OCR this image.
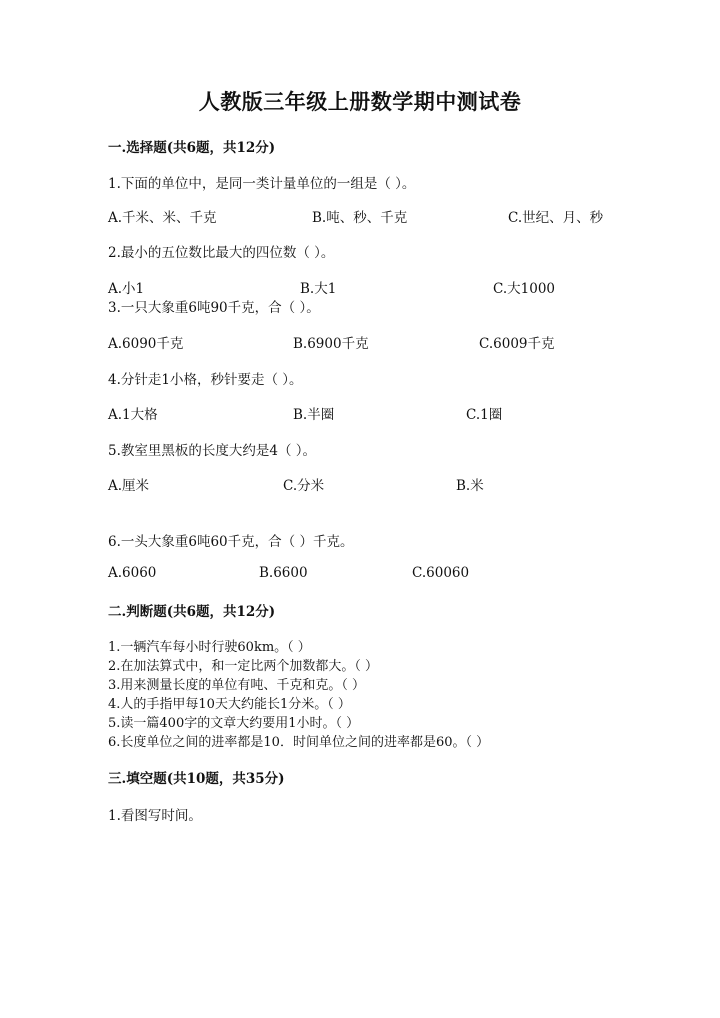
人教版三年级上册数学期中测试卷
一.选择题(共6题，共12分)
1.下面的单位中，是同一类计量单位的一组是（ ）。
A.千米、米、千克	B.吨、秒、千克	C.世纪、月、秒
2.最小的五位数比最大的四位数（ ）。
A.小1	B.大1	C.大1000
3.一只大象重6吨90千克，合（ ）。
A.6090千克	B.6900千克	C.6009千克
4.分针走1小格，秒针要走（ ）。
A.1大格	B.半圈	C.1圈
5.教室里黑板的长度大约是4（ ）。
A.厘米	C.分米	B.米
6.一头大象重6吨60千克，合（ ）千克。
A.6060	B.6600	C.60060
二.判断题(共6题，共12分)
1.一辆汽车每小时行驶60km。（ ）
2.在加法算式中，和一定比两个加数都大。（ ）
3.用来测量长度的单位有吨、千克和克。（ ）
4.人的手指甲每10天大约能长1分米。（ ）
5.读一篇400字的文章大约要用1小时。（ ）
6.长度单位之间的进率都是10．时间单位之间的进率都是60。（ ）
三.填空题(共10题，共35分)
1.看图写时间。
